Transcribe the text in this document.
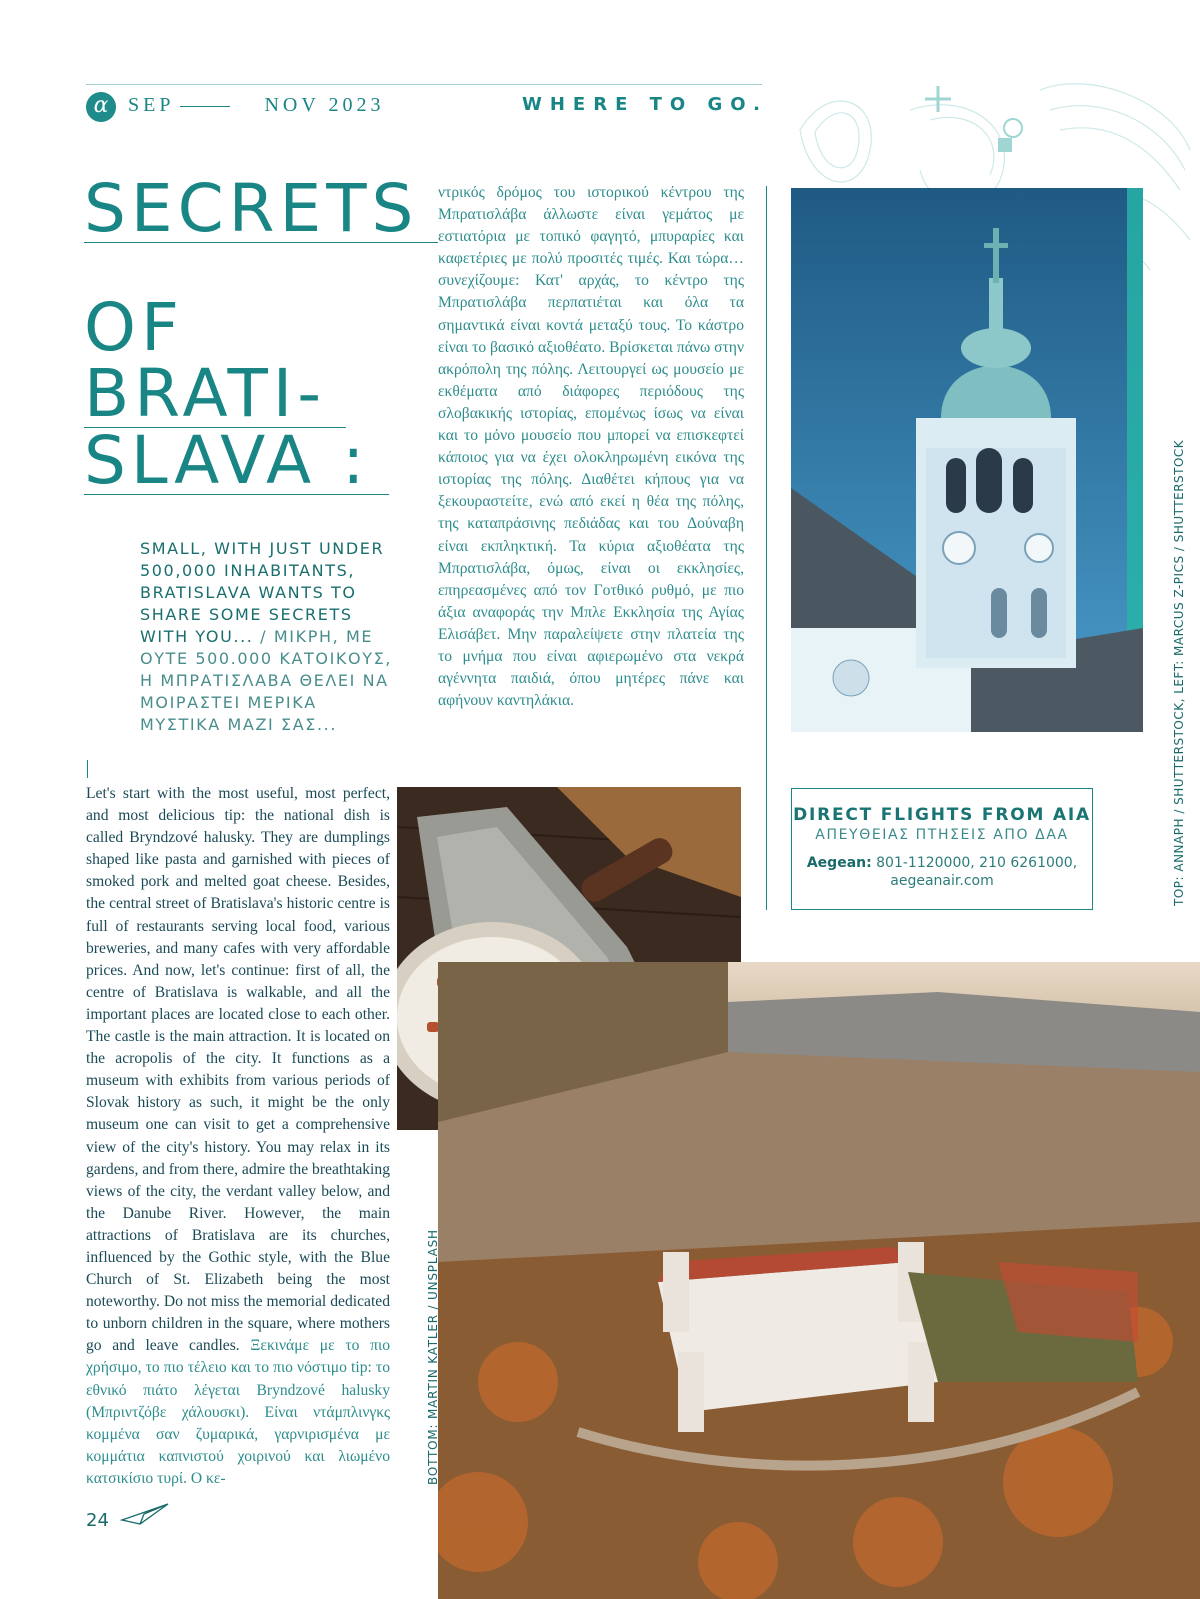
α SEP	NOV 2023	WHERE TO GO.
SECRETS
OF
BRATI-
SLAVA :
SMALL, WITH JUST UNDER 500,000 INHABITANTS, BRATISLAVA WANTS TO SHARE SOME SECRETS WITH YOU... / ΜΙΚΡΗ, ΜΕ ΟΥΤΕ 500.000 ΚΑΤΟΙΚΟΥΣ, Η ΜΠΡΑΤΙΣΛΑΒΑ ΘΕΛΕΙ ΝΑ ΜΟΙΡΑΣΤΕΙ ΜΕΡΙΚΑ ΜΥΣΤΙΚΑ ΜΑΖΙ ΣΑΣ...
Let's start with the most useful, most perfect, and most delicious tip: the national dish is called Bryndzové halusky. They are dumplings shaped like pasta and garnished with pieces of smoked pork and melted goat cheese. Besides, the central street of Bratislava's historic centre is full of restaurants serving local food, various breweries, and many cafes with very affordable prices. And now, let's continue: first of all, the centre of Bratislava is walkable, and all the important places are located close to each other. The castle is the main attraction. It is located on the acropolis of the city. It functions as a museum with exhibits from various periods of Slovak history as such, it might be the only museum one can visit to get a comprehensive view of the city's history. You may relax in its gardens, and from there, admire the breathtaking views of the city, the verdant valley below, and the Danube River. However, the main attractions of Bratislava are its churches, influenced by the Gothic style, with the Blue Church of St. Elizabeth being the most noteworthy. Do not miss the memorial dedicated to unborn children in the square, where mothers go and leave candles. Ξεκινάμε με το πιο χρήσιμο, το πιο τέλειο και το πιο νόστιμο tip: το εθνικό πιάτο λέγεται Bryndzové halusky (Μπριντζόβε χάλουσκι). Είναι ντάμπλινγκς κομμένα σαν ζυμαρικά, γαρνιρισμένα με κομμάτια καπνιστού χοιρινού και λιωμένο κατσικίσιο τυρί. Ο κε-
ντρικός δρόμος του ιστορικού κέντρου της Μπρατισλάβα άλλωστε είναι γεμάτος με εστιατόρια με τοπικό φαγητό, μπυραρίες και καφετέριες με πολύ προσιτές τιμές. Και τώρα… συνεχίζουμε: Κατ' αρχάς, το κέντρο της Μπρατισλάβα περπατιέται και όλα τα σημαντικά είναι κοντά μεταξύ τους. Το κάστρο είναι το βασικό αξιοθέατο. Βρίσκεται πάνω στην ακρόπολη της πόλης. Λειτουργεί ως μουσείο με εκθέματα από διάφορες περιόδους της σλοβακικής ιστορίας, επομένως ίσως να είναι και το μόνο μουσείο που μπορεί να επισκεφτεί κάποιος για να έχει ολοκληρωμένη εικόνα της ιστορίας της πόλης. Διαθέτει κήπους για να ξεκουραστείτε, ενώ από εκεί η θέα της πόλης, της καταπράσινης πεδιάδας και του Δούναβη είναι εκπληκτική. Τα κύρια αξιοθέατα της Μπρατισλάβα, όμως, είναι οι εκκλησίες, επηρεασμένες από τον Γοτθικό ρυθμό, με πιο άξια αναφοράς την Μπλε Εκκλησία της Αγίας Ελισάβετ. Μην παραλείψετε στην πλατεία της το μνήμα που είναι αφιερωμένο στα νεκρά αγέννητα παιδιά, όπου μητέρες πάνε και αφήνουν καντηλάκια.
DIRECT FLIGHTS FROM AIA
ΑΠΕΥΘΕΙΑΣ ΠΤΗΣΕΙΣ ΑΠΟ ΔΑΑ
Aegean: 801-1120000, 210 6261000,
aegeanair.com	TOP: ANNAPH / SHUTTERSTOCK, LEFT: MARCUS Z-PICS / SHUTTERSTOCK
BOTTOM: MARTIN KATLER / UNSPLASH
24
